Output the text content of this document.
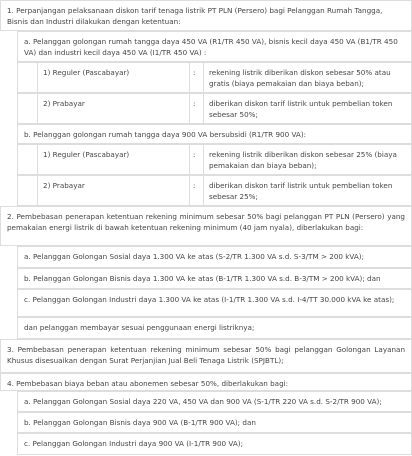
1. Perpanjangan pelaksanaan diskon tarif tenaga listrik PT PLN (Persero) bagi Pelanggan Rumah Tangga, Bisnis dan Industri dilakukan dengan ketentuan:
a. Pelanggan golongan rumah tangga daya 450 VA (R1/TR 450 VA), bisnis kecil daya 450 VA (B1/TR 450 VA) dan industri kecil daya 450 VA (I1/TR 450 VA) :
1) Reguler (Pascabayar)	: rekening listrik diberikan diskon sebesar 50% atau gratis (biaya pemakaian dan biaya beban);
2) Prabayar	: diberikan diskon tarif listrik untuk pembelian token sebesar 50%;
b. Pelanggan golongan rumah tangga daya 900 VA bersubsidi (R1/TR 900 VA):
1) Reguler (Pascabayar)	: rekening listrik diberikan diskon sebesar 25% (biaya pemakaian dan biaya beban);
2) Prabayar	: diberikan diskon tarif listrik untuk pembelian token sebesar 25%;
2. Pembebasan penerapan ketentuan rekening minimum sebesar 50% bagi pelanggan PT PLN (Persero) yang pemakaian energi listrik di bawah ketentuan rekening minimum (40 jam nyala), diberlakukan bagi:
a. Pelanggan Golongan Sosial daya 1.300 VA ke atas (S-2/TR 1.300 VA s.d. S-3/TM > 200 kVA);
b. Pelanggan Golongan Bisnis daya 1.300 VA ke atas (B-1/TR 1.300 VA s.d. B-3/TM > 200 kVA); dan
c. Pelanggan Golongan Industri daya 1.300 VA ke atas (I-1/TR 1.300 VA s.d. I-4/TT 30.000 kVA ke atas);
dan pelanggan membayar sesuai penggunaan energi listriknya;
3. Pembebasan penerapan ketentuan rekening minimum sebesar 50% bagi pelanggan Golongan Layanan Khusus disesuaikan dengan Surat Perjanjian Jual Beli Tenaga Listrik (SPJBTL);
4. Pembebasan biaya beban atau abonemen sebesar 50%, diberlakukan bagi:
a. Pelanggan Golongan Sosial daya 220 VA, 450 VA dan 900 VA (S-1/TR 220 VA s.d. S-2/TR 900 VA);
b. Pelanggan Golongan Bisnis daya 900 VA (B-1/TR 900 VA); dan
c. Pelanggan Golongan Industri daya 900 VA (I-1/TR 900 VA);
